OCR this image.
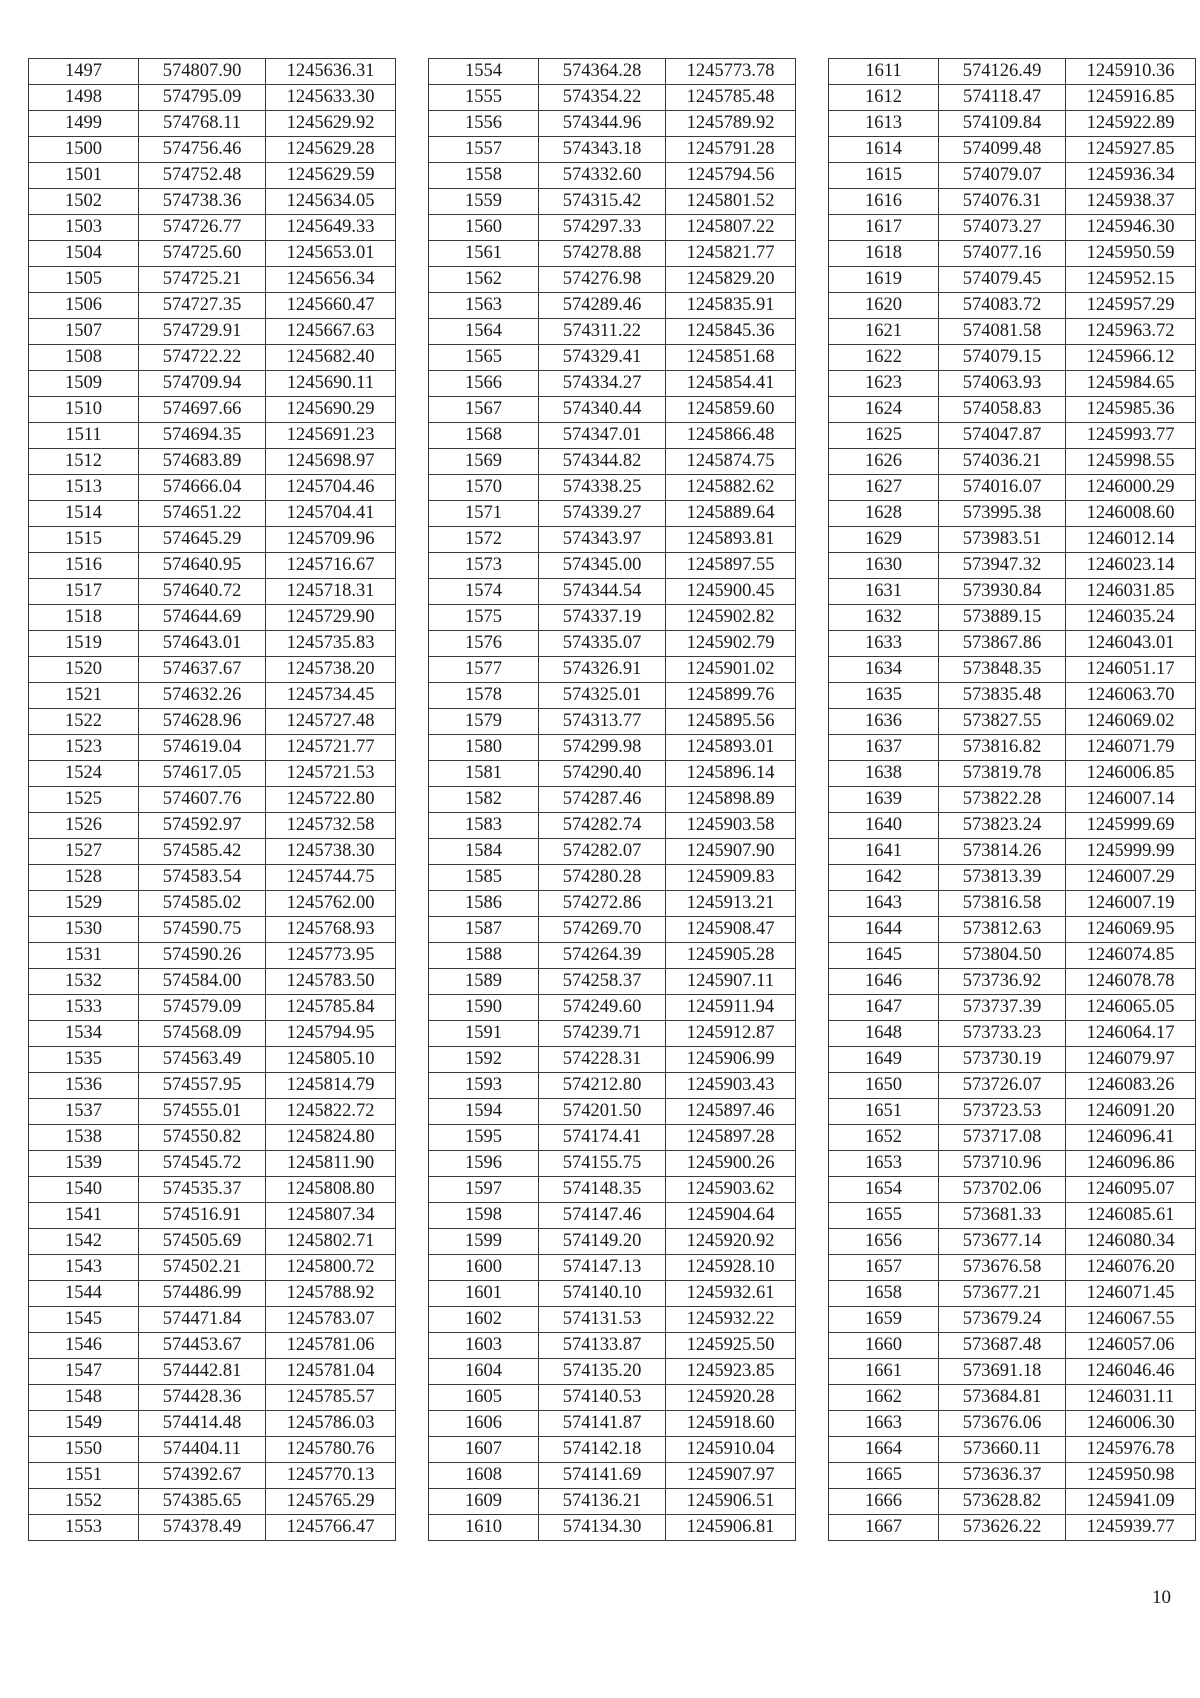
1497	574807.90	1245636.31
1498	574795.09	1245633.30
1499	574768.11	1245629.92
1500	574756.46	1245629.28
1501	574752.48	1245629.59
1502	574738.36	1245634.05
1503	574726.77	1245649.33
1504	574725.60	1245653.01
1505	574725.21	1245656.34
1506	574727.35	1245660.47
1507	574729.91	1245667.63
1508	574722.22	1245682.40
1509	574709.94	1245690.11
1510	574697.66	1245690.29
1511	574694.35	1245691.23
1512	574683.89	1245698.97
1513	574666.04	1245704.46
1514	574651.22	1245704.41
1515	574645.29	1245709.96
1516	574640.95	1245716.67
1517	574640.72	1245718.31
1518	574644.69	1245729.90
1519	574643.01	1245735.83
1520	574637.67	1245738.20
1521	574632.26	1245734.45
1522	574628.96	1245727.48
1523	574619.04	1245721.77
1524	574617.05	1245721.53
1525	574607.76	1245722.80
1526	574592.97	1245732.58
1527	574585.42	1245738.30
1528	574583.54	1245744.75
1529	574585.02	1245762.00
1530	574590.75	1245768.93
1531	574590.26	1245773.95
1532	574584.00	1245783.50
1533	574579.09	1245785.84
1534	574568.09	1245794.95
1535	574563.49	1245805.10
1536	574557.95	1245814.79
1537	574555.01	1245822.72
1538	574550.82	1245824.80
1539	574545.72	1245811.90
1540	574535.37	1245808.80
1541	574516.91	1245807.34
1542	574505.69	1245802.71
1543	574502.21	1245800.72
1544	574486.99	1245788.92
1545	574471.84	1245783.07
1546	574453.67	1245781.06
1547	574442.81	1245781.04
1548	574428.36	1245785.57
1549	574414.48	1245786.03
1550	574404.11	1245780.76
1551	574392.67	1245770.13
1552	574385.65	1245765.29
1553	574378.49	1245766.47
1554	574364.28	1245773.78
1555	574354.22	1245785.48
1556	574344.96	1245789.92
1557	574343.18	1245791.28
1558	574332.60	1245794.56
1559	574315.42	1245801.52
1560	574297.33	1245807.22
1561	574278.88	1245821.77
1562	574276.98	1245829.20
1563	574289.46	1245835.91
1564	574311.22	1245845.36
1565	574329.41	1245851.68
1566	574334.27	1245854.41
1567	574340.44	1245859.60
1568	574347.01	1245866.48
1569	574344.82	1245874.75
1570	574338.25	1245882.62
1571	574339.27	1245889.64
1572	574343.97	1245893.81
1573	574345.00	1245897.55
1574	574344.54	1245900.45
1575	574337.19	1245902.82
1576	574335.07	1245902.79
1577	574326.91	1245901.02
1578	574325.01	1245899.76
1579	574313.77	1245895.56
1580	574299.98	1245893.01
1581	574290.40	1245896.14
1582	574287.46	1245898.89
1583	574282.74	1245903.58
1584	574282.07	1245907.90
1585	574280.28	1245909.83
1586	574272.86	1245913.21
1587	574269.70	1245908.47
1588	574264.39	1245905.28
1589	574258.37	1245907.11
1590	574249.60	1245911.94
1591	574239.71	1245912.87
1592	574228.31	1245906.99
1593	574212.80	1245903.43
1594	574201.50	1245897.46
1595	574174.41	1245897.28
1596	574155.75	1245900.26
1597	574148.35	1245903.62
1598	574147.46	1245904.64
1599	574149.20	1245920.92
1600	574147.13	1245928.10
1601	574140.10	1245932.61
1602	574131.53	1245932.22
1603	574133.87	1245925.50
1604	574135.20	1245923.85
1605	574140.53	1245920.28
1606	574141.87	1245918.60
1607	574142.18	1245910.04
1608	574141.69	1245907.97
1609	574136.21	1245906.51
1610	574134.30	1245906.81
1611	574126.49	1245910.36
1612	574118.47	1245916.85
1613	574109.84	1245922.89
1614	574099.48	1245927.85
1615	574079.07	1245936.34
1616	574076.31	1245938.37
1617	574073.27	1245946.30
1618	574077.16	1245950.59
1619	574079.45	1245952.15
1620	574083.72	1245957.29
1621	574081.58	1245963.72
1622	574079.15	1245966.12
1623	574063.93	1245984.65
1624	574058.83	1245985.36
1625	574047.87	1245993.77
1626	574036.21	1245998.55
1627	574016.07	1246000.29
1628	573995.38	1246008.60
1629	573983.51	1246012.14
1630	573947.32	1246023.14
1631	573930.84	1246031.85
1632	573889.15	1246035.24
1633	573867.86	1246043.01
1634	573848.35	1246051.17
1635	573835.48	1246063.70
1636	573827.55	1246069.02
1637	573816.82	1246071.79
1638	573819.78	1246006.85
1639	573822.28	1246007.14
1640	573823.24	1245999.69
1641	573814.26	1245999.99
1642	573813.39	1246007.29
1643	573816.58	1246007.19
1644	573812.63	1246069.95
1645	573804.50	1246074.85
1646	573736.92	1246078.78
1647	573737.39	1246065.05
1648	573733.23	1246064.17
1649	573730.19	1246079.97
1650	573726.07	1246083.26
1651	573723.53	1246091.20
1652	573717.08	1246096.41
1653	573710.96	1246096.86
1654	573702.06	1246095.07
1655	573681.33	1246085.61
1656	573677.14	1246080.34
1657	573676.58	1246076.20
1658	573677.21	1246071.45
1659	573679.24	1246067.55
1660	573687.48	1246057.06
1661	573691.18	1246046.46
1662	573684.81	1246031.11
1663	573676.06	1246006.30
1664	573660.11	1245976.78
1665	573636.37	1245950.98
1666	573628.82	1245941.09
1667	573626.22	1245939.77
10
